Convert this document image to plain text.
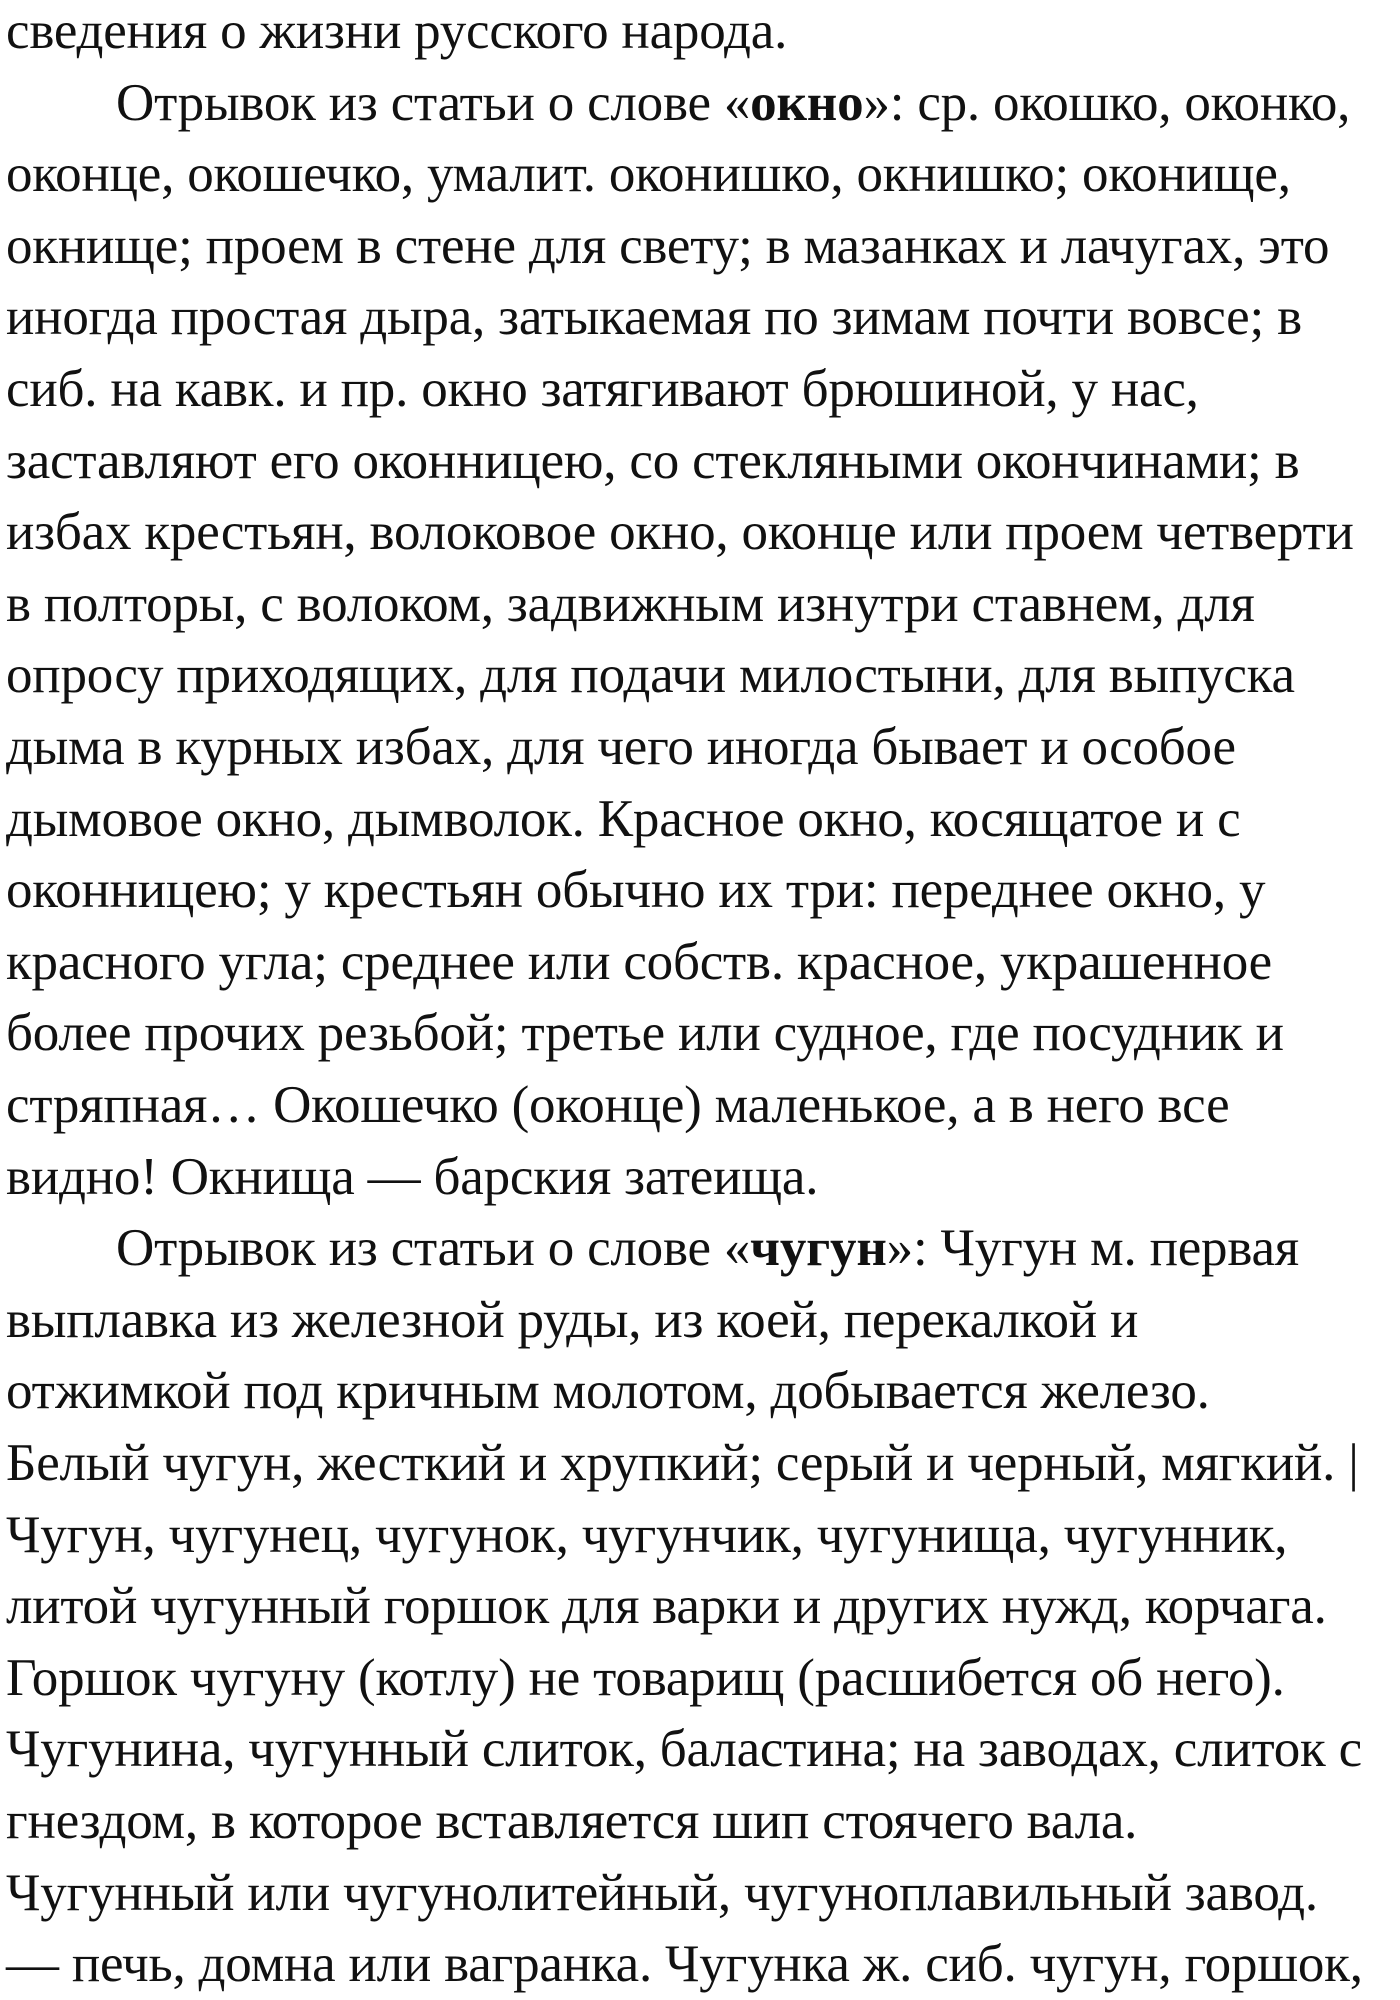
сведения о жизни русского народа.
Отрывок из статьи о слове «окно»: ср. окошко, оконко,
оконце, окошечко, умалит. оконишко, окнишко; оконище,
окнище; проем в стене для свету; в мазанках и лачугах, это
иногда простая дыра, затыкаемая по зимам почти вовсе; в
сиб. на кавк. и пр. окно затягивают брюшиной, у нас,
заставляют его оконницею, со стекляными окончинами; в
избах крестьян, волоковое окно, оконце или проем четверти
в полторы, с волоком, задвижным изнутри ставнем, для
опросу приходящих, для подачи милостыни, для выпуска
дыма в курных избах, для чего иногда бывает и особое
дымовое окно, дымволок. Красное окно, косящатое и с
оконницею; у крестьян обычно их три: переднее окно, у
красного угла; среднее или собств. красное, украшенное
более прочих резьбой; третье или судное, где посудник и
стряпная… Окошечко (оконце) маленькое, а в него все
видно! Окнища — барския затеища.
Отрывок из статьи о слове «чугун»: Чугун м. первая
выплавка из железной руды, из коей, перекалкой и
отжимкой под кричным молотом, добывается железо.
Белый чугун, жесткий и хрупкий; серый и черный, мягкий. |
Чугун, чугунец, чугунок, чугунчик, чугунища, чугунник,
литой чугунный горшок для варки и других нужд, корчага.
Горшок чугуну (котлу) не товарищ (расшибется об него).
Чугунина, чугунный слиток, баластина; на заводах, слиток с
гнездом, в которое вставляется шип стоячего вала.
Чугунный или чугунолитейный, чугуноплавильный завод.
— печь, домна или вагранка. Чугунка ж. сиб. чугун, горшок,
